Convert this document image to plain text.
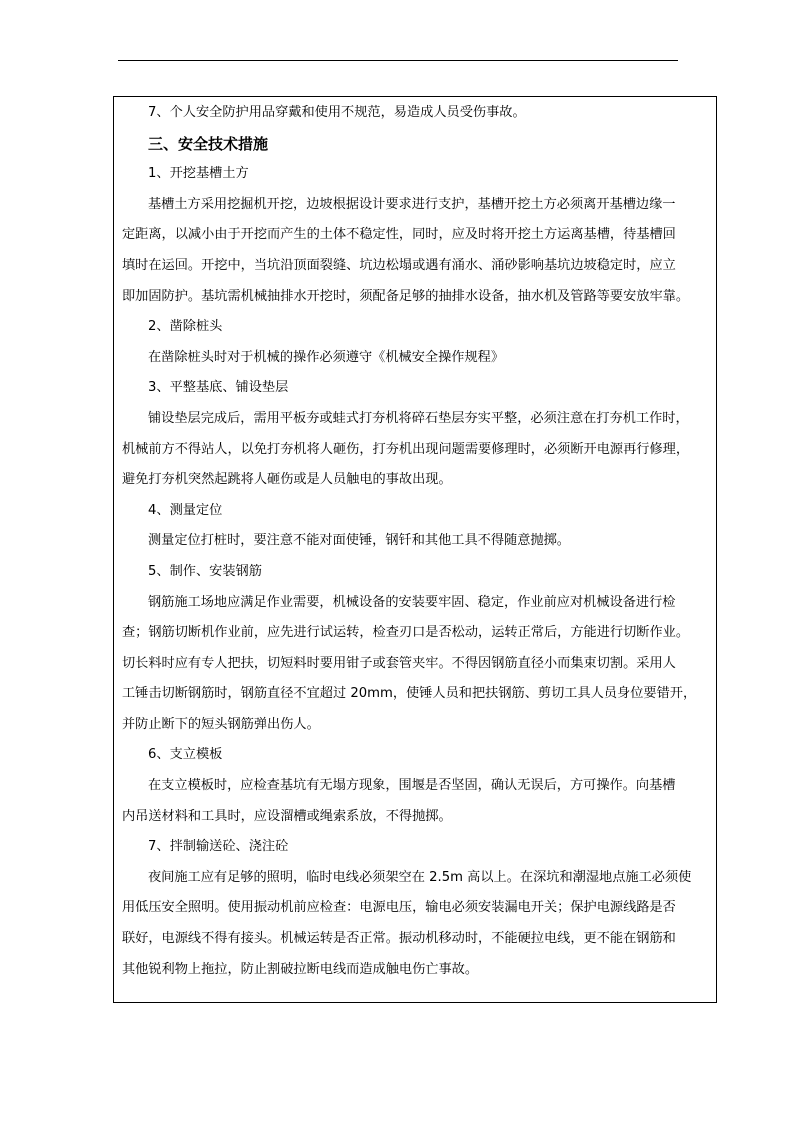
7、个人安全防护用品穿戴和使用不规范，易造成人员受伤事故。
三、安全技术措施
1、开挖基槽土方
基槽土方采用挖掘机开挖，边坡根据设计要求进行支护，基槽开挖土方必须离开基槽边缘一
定距离，以减小由于开挖而产生的土体不稳定性，同时，应及时将开挖土方运离基槽，待基槽回
填时在运回。开挖中，当坑沿顶面裂缝、坑边松塌或遇有涌水、涌砂影响基坑边坡稳定时，应立
即加固防护。基坑需机械抽排水开挖时，须配备足够的抽排水设备，抽水机及管路等要安放牢靠。
2、凿除桩头
在凿除桩头时对于机械的操作必须遵守《机械安全操作规程》
3、平整基底、铺设垫层
铺设垫层完成后，需用平板夯或蛙式打夯机将碎石垫层夯实平整，必须注意在打夯机工作时，
机械前方不得站人，以免打夯机将人砸伤，打夯机出现问题需要修理时，必须断开电源再行修理，
避免打夯机突然起跳将人砸伤或是人员触电的事故出现。
4、测量定位
测量定位打桩时，要注意不能对面使锤，钢钎和其他工具不得随意抛掷。
5、制作、安装钢筋
钢筋施工场地应满足作业需要，机械设备的安装要牢固、稳定，作业前应对机械设备进行检
查；钢筋切断机作业前，应先进行试运转，检查刃口是否松动，运转正常后，方能进行切断作业。
切长料时应有专人把扶，切短料时要用钳子或套管夹牢。不得因钢筋直径小而集束切割。采用人
工锤击切断钢筋时，钢筋直径不宜超过 20mm，使锤人员和把扶钢筋、剪切工具人员身位要错开，
并防止断下的短头钢筋弹出伤人。
6、支立模板
在支立模板时，应检查基坑有无塌方现象，围堰是否坚固，确认无误后，方可操作。向基槽
内吊送材料和工具时，应设溜槽或绳索系放，不得抛掷。
7、拌制输送砼、浇注砼
夜间施工应有足够的照明，临时电线必须架空在 2.5m 高以上。在深坑和潮湿地点施工必须使
用低压安全照明。使用振动机前应检查：电源电压，输电必须安装漏电开关；保护电源线路是否
联好，电源线不得有接头。机械运转是否正常。振动机移动时，不能硬拉电线，更不能在钢筋和
其他锐利物上拖拉，防止割破拉断电线而造成触电伤亡事故。
